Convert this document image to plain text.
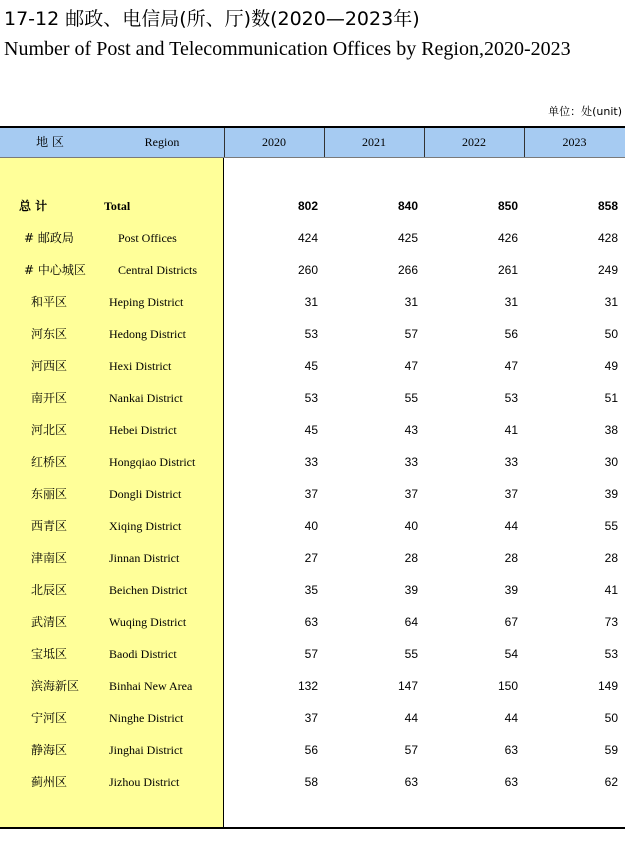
17-12 邮政、电信局(所、厅)数(2020—2023年)
Number of Post and Telecommunication Offices by Region,2020-2023
单位：处(unit)
地 区	Region	2020	2021	2022	2023
总 计	Total	802	840	850	858
# 邮政局	Post Offices	424	425	426	428
# 中心城区	Central Districts	260	266	261	249
和平区	Heping District	31	31	31	31
河东区	Hedong District	53	57	56	50
河西区	Hexi District	45	47	47	49
南开区	Nankai District	53	55	53	51
河北区	Hebei District	45	43	41	38
红桥区	Hongqiao District	33	33	33	30
东丽区	Dongli District	37	37	37	39
西青区	Xiqing District	40	40	44	55
津南区	Jinnan District	27	28	28	28
北辰区	Beichen District	35	39	39	41
武清区	Wuqing District	63	64	67	73
宝坻区	Baodi District	57	55	54	53
滨海新区 Binhai New Area	132	147	150	149
宁河区	Ninghe District	37	44	44	50
静海区	Jinghai District	56	57	63	59
蓟州区	Jizhou District	58	63	63	62
